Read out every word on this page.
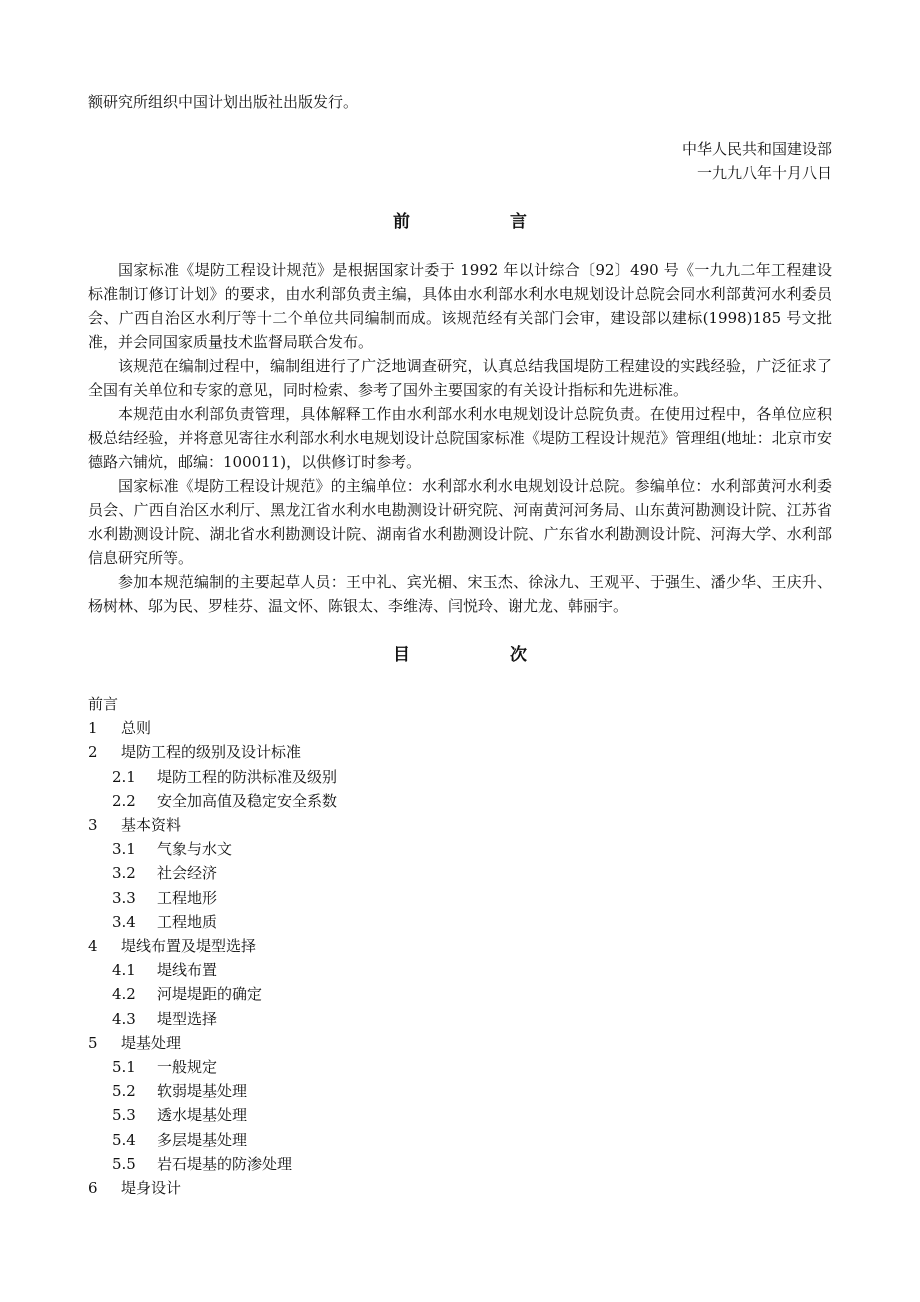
额研究所组织中国计划出版社出版发行。
中华人民共和国建设部
一九九八年十月八日
前	言

国家标准《堤防工程设计规范》是根据国家计委于 1992 年以计综合〔92〕490 号《一九九二年工程建设标准制订修订计划》的要求，由水利部负责主编，具体由水利部水利水电规划设计总院会同水利部黄河水利委员会、广西自治区水利厅等十二个单位共同编制而成。该规范经有关部门会审，建设部以建标(1998)185 号文批准，并会同国家质量技术监督局联合发布。

该规范在编制过程中，编制组进行了广泛地调查研究，认真总结我国堤防工程建设的实践经验，广泛征求了全国有关单位和专家的意见，同时检索、参考了国外主要国家的有关设计指标和先进标准。

本规范由水利部负责管理，具体解释工作由水利部水利水电规划设计总院负责。在使用过程中，各单位应积极总结经验，并将意见寄往水利部水利水电规划设计总院国家标准《堤防工程设计规范》管理组(地址：北京市安德路六铺炕，邮编：100011)，以供修订时参考。

国家标准《堤防工程设计规范》的主编单位：水利部水利水电规划设计总院。参编单位：水利部黄河水利委员会、广西自治区水利厅、黑龙江省水利水电勘测设计研究院、河南黄河河务局、山东黄河勘测设计院、江苏省水利勘测设计院、湖北省水利勘测设计院、湖南省水利勘测设计院、广东省水利勘测设计院、河海大学、水利部信息研究所等。

参加本规范编制的主要起草人员：王中礼、宾光楣、宋玉杰、徐泳九、王观平、于强生、潘少华、王庆升、杨树林、邬为民、罗桂芬、温文怀、陈银太、李维涛、闫悦玲、谢尤龙、韩丽宇。

目	次
前言
1	总则
2	堤防工程的级别及设计标准
2.1	堤防工程的防洪标准及级别
2.2	安全加高值及稳定安全系数
3	基本资料
3.1	气象与水文
3.2	社会经济
3.3	工程地形
3.4	工程地质
4	堤线布置及堤型选择
4.1	堤线布置
4.2	河堤堤距的确定
4.3	堤型选择
5	堤基处理
5.1	一般规定
5.2	软弱堤基处理
5.3	透水堤基处理
5.4	多层堤基处理
5.5	岩石堤基的防渗处理
6	堤身设计
